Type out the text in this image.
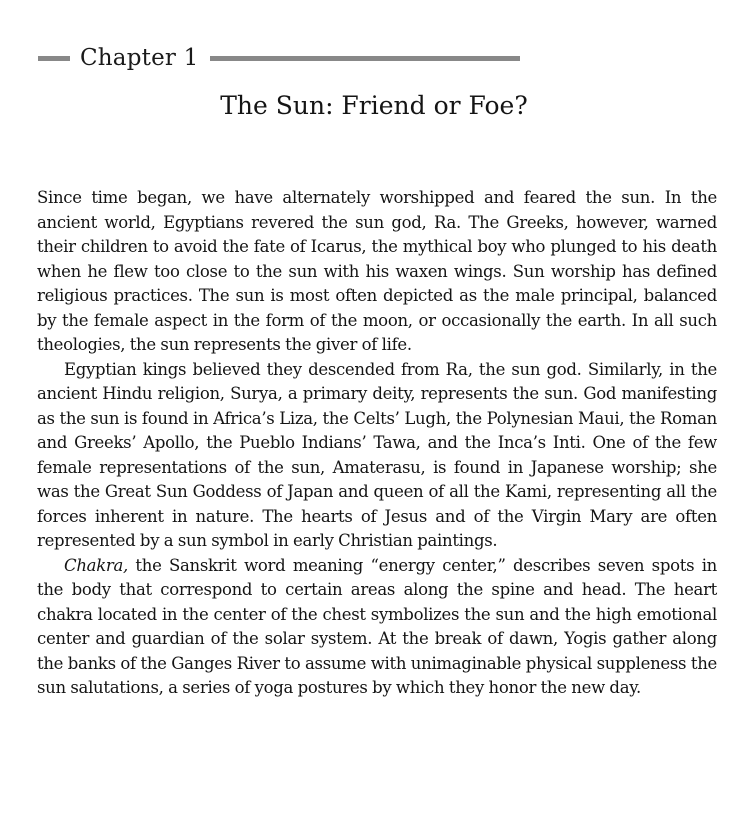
Chapter 1
The Sun: Friend or Foe?

Since time began, we have alternately worshipped and feared the sun. In the ancient world, Egyptians revered the sun god, Ra. The Greeks, however, warned their children to avoid the fate of Icarus, the mythical boy who plunged to his death when he flew too close to the sun with his waxen wings. Sun worship has defined religious practices. The sun is most often depicted as the male principal, balanced by the female aspect in the form of the moon, or occasionally the earth. In all such theologies, the sun represents the giver of life.

Egyptian kings believed they descended from Ra, the sun god. Similarly, in the ancient Hindu religion, Surya, a primary deity, represents the sun. God manifesting as the sun is found in Africa’s Liza, the Celts’ Lugh, the Polynesian Maui, the Roman and Greeks’ Apollo, the Pueblo Indians’ Tawa, and the Inca’s Inti. One of the few female representations of the sun, Amaterasu, is found in Japanese worship; she was the Great Sun Goddess of Japan and queen of all the Kami, representing all the forces inherent in nature. The hearts of Jesus and of the Virgin Mary are often represented by a sun symbol in early Christian paintings.

Chakra, the Sanskrit word meaning “energy center,” describes seven spots in the body that correspond to certain areas along the spine and head. The heart chakra located in the center of the chest symbolizes the sun and the high emotional center and guardian of the solar system. At the break of dawn, Yogis gather along the banks of the Ganges River to assume with unimaginable physical suppleness the sun salutations, a series of yoga postures by which they honor the new day.
